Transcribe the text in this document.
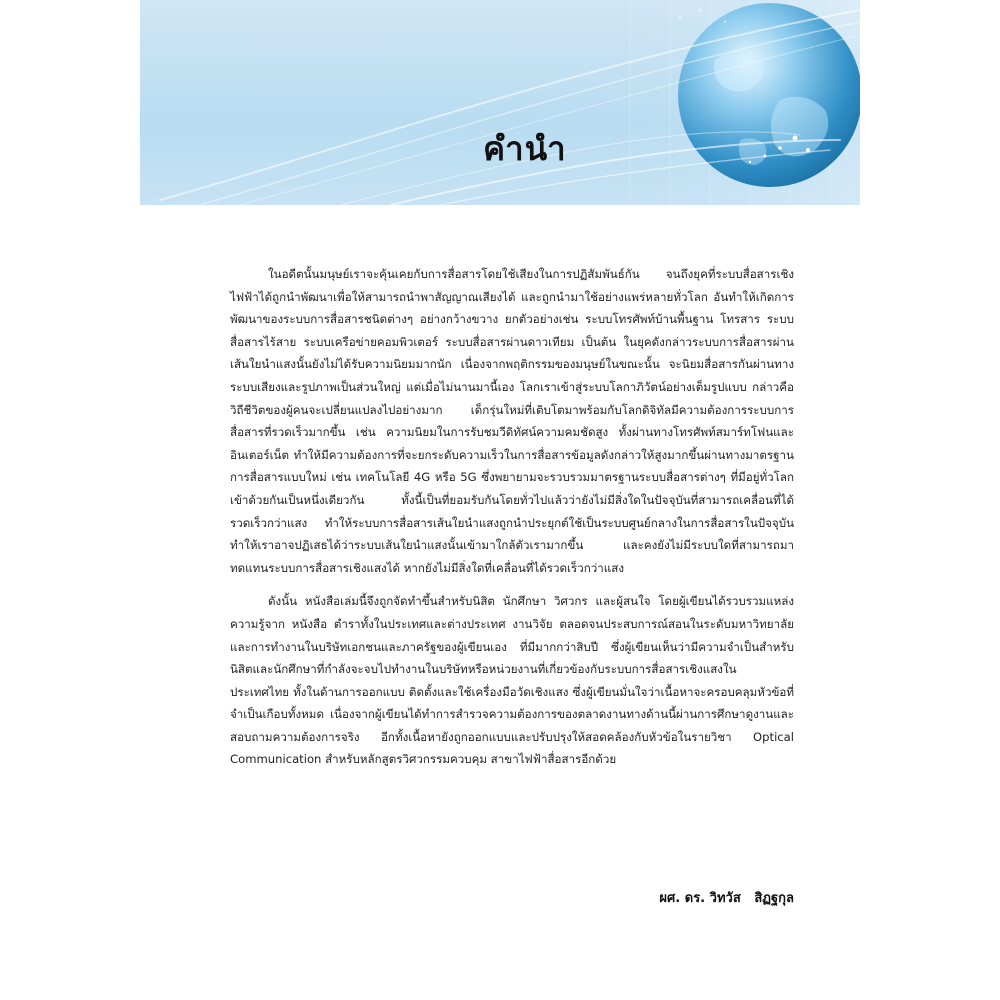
คำนำ

ในอดีตนั้นมนุษย์เราจะคุ้นเคยกับการสื่อสารโดยใช้เสียงในการปฏิสัมพันธ์กัน จนถึงยุคที่ระบบสื่อสารเชิงไฟฟ้าได้ถูกนำพัฒนาเพื่อให้สามารถนำพาสัญญาณเสียงได้ และถูกนำมาใช้อย่างแพร่หลายทั่วโลก อันทำให้เกิดการพัฒนาของระบบการสื่อสารชนิดต่างๆ อย่างกว้างขวาง ยกตัวอย่างเช่น ระบบโทรศัพท์บ้านพื้นฐาน โทรสาร ระบบสื่อสารไร้สาย ระบบเครือข่ายคอมพิวเตอร์ ระบบสื่อสารผ่านดาวเทียม เป็นต้น ในยุคดังกล่าวระบบการสื่อสารผ่านเส้นใยนำแสงนั้นยังไม่ได้รับความนิยมมากนัก เนื่องจากพฤติกรรมของมนุษย์ในขณะนั้น จะนิยมสื่อสารกันผ่านทางระบบเสียงและรูปภาพเป็นส่วนใหญ่ แต่เมื่อไม่นานมานี้เอง โลกเราเข้าสู่ระบบโลกาภิวัตน์อย่างเต็มรูปแบบ กล่าวคือ วิถีชีวิตของผู้คนจะเปลี่ยนแปลงไปอย่างมาก เด็กรุ่นใหม่ที่เติบโตมาพร้อมกับโลกดิจิทัลมีความต้องการระบบการสื่อสารที่รวดเร็วมากขึ้น เช่น ความนิยมในการรับชมวีดิทัศน์ความคมชัดสูง ทั้งผ่านทางโทรศัพท์สมาร์ทโฟนและอินเตอร์เน็ต ทำให้มีความต้องการที่จะยกระดับความเร็วในการสื่อสารข้อมูลดังกล่าวให้สูงมากขึ้นผ่านทางมาตรฐานการสื่อสารแบบใหม่ เช่น เทคโนโลยี 4G หรือ 5G ซึ่งพยายามจะรวบรวมมาตรฐานระบบสื่อสารต่างๆ ที่มีอยู่ทั่วโลกเข้าด้วยกันเป็นหนึ่งเดียวกัน ทั้งนี้เป็นที่ยอมรับกันโดยทั่วไปแล้วว่ายังไม่มีสิ่งใดในปัจจุบันที่สามารถเคลื่อนที่ได้รวดเร็วกว่าแสง ทำให้ระบบการสื่อสารเส้นใยนำแสงถูกนำประยุกต์ใช้เป็นระบบศูนย์กลางในการสื่อสารในปัจจุบัน ทำให้เราอาจปฏิเสธได้ว่าระบบเส้นใยนำแสงนั้นเข้ามาใกล้ตัวเรามากขึ้น และคงยังไม่มีระบบใดที่สามารถมาทดแทนระบบการสื่อสารเชิงแสงได้ หากยังไม่มีสิ่งใดที่เคลื่อนที่ได้รวดเร็วกว่าแสง

ดังนั้น หนังสือเล่มนี้จึงถูกจัดทำขึ้นสำหรับนิสิต นักศึกษา วิศวกร และผู้สนใจ โดยผู้เขียนได้รวบรวมแหล่งความรู้จาก หนังสือ ตำราทั้งในประเทศและต่างประเทศ งานวิจัย ตลอดจนประสบการณ์สอนในระดับมหาวิทยาลัยและการทำงานในบริษัทเอกชนและภาครัฐของผู้เขียนเอง ที่มีมากกว่าสิบปี ซึ่งผู้เขียนเห็นว่ามีความจำเป็นสำหรับนิสิตและนักศึกษาที่กำลังจะจบไปทำงานในบริษัทหรือหน่วยงานที่เกี่ยวข้องกับระบบการสื่อสารเชิงแสงในประเทศไทย ทั้งในด้านการออกแบบ ติดตั้งและใช้เครื่องมือวัดเชิงแสง ซึ่งผู้เขียนมั่นใจว่าเนื้อหาจะครอบคลุมหัวข้อที่จำเป็นเกือบทั้งหมด เนื่องจากผู้เขียนได้ทำการสำรวจความต้องการของตลาดงานทางด้านนี้ผ่านการศึกษาดูงานและสอบถามความต้องการจริง อีกทั้งเนื้อหายังถูกออกแบบและปรับปรุงให้สอดคล้องกับหัวข้อในรายวิชา Optical Communication สำหรับหลักสูตรวิศวกรรมควบคุม สาขาไฟฟ้าสื่อสารอีกด้วย

ผศ. ดร. วิทวัส   สิฏฐกุล
